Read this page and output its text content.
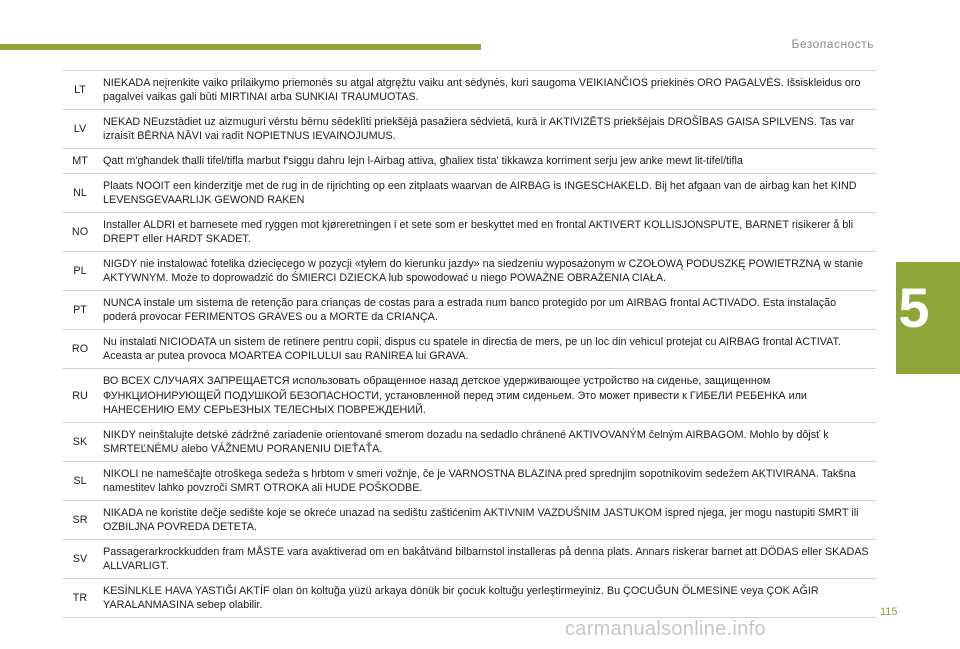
Безопасность
5
LT	NIEKADA neįrenkite vaiko prilaikymo priemonės su atgal atgręžtu vaiku ant sėdynės, kuri saugoma VEIKIANČIOS priekinės ORO PAGALVĖS. Išsiskleidus oro pagalvei vaikas gali būti MIRTINAI arba SUNKIAI TRAUMUOTAS.
LV	NEKAD NEuzstādiet uz aizmuguri vērstu bērnu sēdeklīti priekšējā pasažiera sēdvietā, kurā ir AKTIVIZĒTS priekšējais DROŠĪBAS GAISA SPILVENS. Tas var izraisīt BĒRNA NĀVI vai radīt NOPIETNUS IEVAINOJUMUS.
MT	Qatt m'għandek tħalli tifel/tifla marbut f'siggu dahru lejn l-Airbag attiva, għaliex tista' tikkawza korriment serju jew anke mewt lit-tifel/tifla
NL	Plaats NOOIT een kinderzitje met de rug in de rijrichting op een zitplaats waarvan de AIRBAG is INGESCHAKELD. Bij het afgaan van de airbag kan het KIND LEVENSGEVAARLIJK GEWOND RAKEN
NO	Installer ALDRI et barnesete med ryggen mot kjøreretningen i et sete som er beskyttet med en frontal AKTIVERT KOLLISJONSPUTE, BARNET risikerer å bli DREPT eller HARDT SKADET.
PL	NIGDY nie instalować fotelika dziecięcego w pozycji «tyłem do kierunku jazdy» na siedzeniu wyposażonym w CZOŁOWĄ PODUSZKĘ POWIETRZNĄ w stanie AKTYWNYM. Może to doprowadzić do ŚMIERCI DZIECKA lub spowodować u niego POWAŻNE OBRAŻENIA CIAŁA.
PT	NUNCA instale um sistema de retenção para crianças de costas para a estrada num banco protegido por um AIRBAG frontal ACTIVADO. Esta instalação poderá provocar FERIMENTOS GRAVES ou a MORTE da CRIANÇA.
RO	Nu instalati NICIODATA un sistem de retinere pentru copii, dispus cu spatele in directia de mers, pe un loc din vehicul protejat cu AIRBAG frontal ACTIVAT. Aceasta ar putea provoca MOARTEA COPILULUI sau RANIREA lui GRAVA.
RU	ВО ВСЕХ СЛУЧАЯХ ЗАПРЕЩАЕТСЯ использовать обращенное назад детское удерживающее устройство на сиденье, защищенном ФУНКЦИОНИРУЮЩЕЙ ПОДУШКОЙ БЕЗОПАСНОСТИ, установленной перед этим сиденьем. Это может привести к ГИБЕЛИ РЕБЕНКА или НАНЕСЕНИЮ ЕМУ СЕРЬЕЗНЫХ ТЕЛЕСНЫХ ПОВРЕЖДЕНИЙ.
SK	NIKDY neinštalujte detské zádržné zariadenie orientované smerom dozadu na sedadlo chránené AKTIVOVANÝM čelným AIRBAGOM. Mohlo by dôjsť k SMRTEĽNÉMU alebo VÁŽNEMU PORANENIU DIEŤAŤA.
SL	NIKOLI ne nameščajte otroškega sedeža s hrbtom v smeri vožnje, če je VARNOSTNA BLAZINA pred sprednjim sopotnikovim sedežem AKTIVIRANA. Takšna namestitev lahko povzroči SMRT OTROKA ali HUDE POŠKODBE.
SR	NIKADA ne koristite dečje sedište koje se okreće unazad na sedištu zaštićenim AKTIVNIM VAZDUŠNIM JASTUKOM ispred njega, jer mogu nastupiti SMRT ili OZBILJNA POVREDA DETETA.
SV	Passagerarkrockkudden fram MÅSTE vara avaktiverad om en bakåtvänd bilbarnstol installeras på denna plats. Annars riskerar barnet att DÖDAS eller SKADAS ALLVARLIGT.
TR	KESİNLKLE HAVA YASTIĞI AKTİF olan ön koltuğa yüzü arkaya dönük bir çocuk koltuğu yerleştirmeyiniz. Bu ÇOCUĞUN ÖLMESİNE veya ÇOK AĞIR YARALANMASINA sebep olabilir.
115
carmanualsonline.info
